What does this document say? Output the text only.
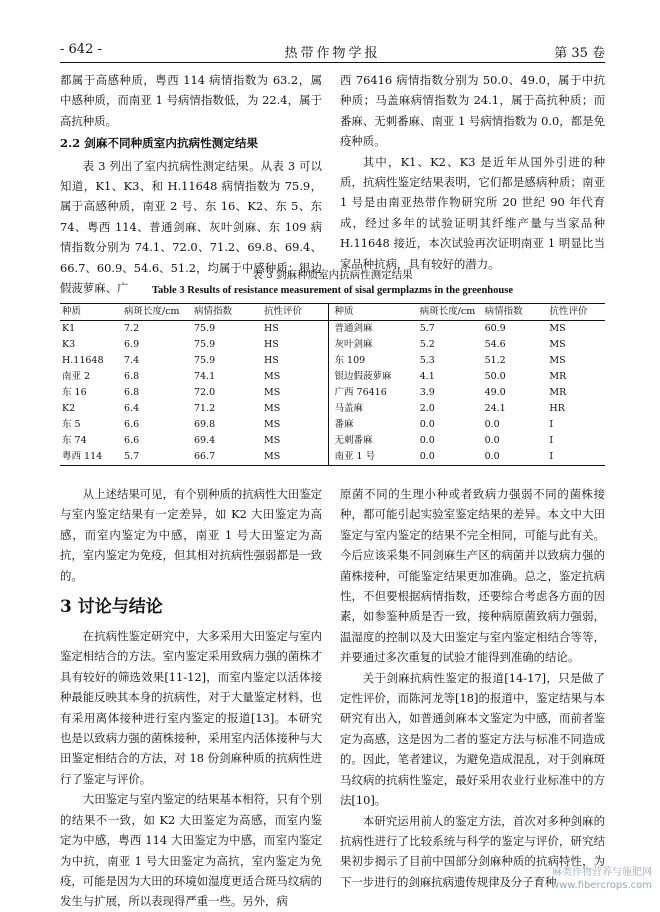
- 642 -	热带作物学报	第 35 卷

都属于高感种质，粤西 114 病情指数为 63.2，属中感种质，而南亚 1 号病情指数低，为 22.4，属于高抗种质。

2.2 剑麻不同种质室内抗病性测定结果

表 3 列出了室内抗病性测定结果。从表 3 可以知道，K1、K3、和 H.11648 病情指数为 75.9，属于高感种质，南亚 2 号、东 16、K2、东 5、东 74、粤西 114、普通剑麻、灰叶剑麻、东 109 病情指数分别为 74.1、72.0、71.2、69.8、69.4、66.7、60.9、54.6、51.2，均属于中感种质；银边假菠萝麻、广

西 76416 病情指数分别为 50.0、49.0，属于中抗种质；马盖麻病情指数为 24.1，属于高抗种质；而番麻、无刺番麻、南亚 1 号病情指数为 0.0，都是免疫种质。

其中，K1、K2、K3 是近年从国外引进的种质，抗病性鉴定结果表明，它们都是感病种质；南亚 1 号是由南亚热带作物研究所 20 世纪 90 年代育成，经过多年的试验证明其纤维产量与当家品种 H.11648 接近，本次试验再次证明南亚 1 明显比当家品种抗病，具有较好的潜力。

表 3 剑麻种质室内抗病性测定结果
Table 3 Results of resistance measurement of sisal germplazms in the greenhouse
种质	病斑长度/cm	病情指数	抗性评价	种质	病斑长度/cm 病情指数	抗性评价
K1	7.2	75.9	HS
K3	6.9	75.9	HS
H.11648	7.4	75.9	HS
南亚 2	6.8	74.1	MS
东 16	6.8	72.0	MS
K2	6.4	71.2	MS
东 5	6.6	69.8	MS
东 74	6.6	69.4	MS
粤西 114	5.7	66.7	MS
普通剑麻	5.7	60.9	MS
灰叶剑麻	5.2	54.6	MS
东 109	5.3	51.2	MS
银边假菠萝麻	4.1	50.0	MR
广西 76416	3.9	49.0	MR
马盖麻	2.0	24.1	HR
番麻	0.0	0.0	I
无刺番麻	0.0	0.0	I
南亚 1 号	0.0	0.0	I

从上述结果可见，有个别种质的抗病性大田鉴定与室内鉴定结果有一定差异，如 K2 大田鉴定为高感，而室内鉴定为中感，南亚 1 号大田鉴定为高抗，室内鉴定为免疫，但其相对抗病性强弱都是一致的。

3 讨论与结论

在抗病性鉴定研究中，大多采用大田鉴定与室内鉴定相结合的方法。室内鉴定采用致病力强的菌株才具有较好的筛选效果[11-12]，而室内鉴定以活体接种最能反映其本身的抗病性，对于大量鉴定材料，也有采用离体接种进行室内鉴定的报道[13]。本研究也是以致病力强的菌株接种，采用室内活体接种与大田鉴定相结合的方法，对 18 份剑麻种质的抗病性进行了鉴定与评价。

大田鉴定与室内鉴定的结果基本相符，只有个别的结果不一致，如 K2 大田鉴定为高感，而室内鉴定为中感，粤西 114 大田鉴定为中感，而室内鉴定为中抗，南亚 1 号大田鉴定为高抗，室内鉴定为免疫，可能是因为大田的环境如湿度更适合斑马纹病的发生与扩展，所以表现得严重一些。另外，病

原菌不同的生理小种或者致病力强弱不同的菌株接种，都可能引起实验室鉴定结果的差异。本文中大田鉴定与室内鉴定的结果不完全相同，可能与此有关。今后应该采集不同剑麻生产区的病菌并以致病力强的菌株接种，可能鉴定结果更加准确。总之，鉴定抗病性，不但要根据病情指数，还要综合考虑各方面的因素，如参鉴种质是否一致，接种病原菌致病力强弱，温湿度的控制以及大田鉴定与室内鉴定相结合等等，并要通过多次重复的试验才能得到准确的结论。

关于剑麻抗病性鉴定的报道[14-17]，只是做了定性评价，而陈河龙等[18]的报道中，鉴定结果与本研究有出入，如普通剑麻本文鉴定为中感，而前者鉴定为高感，这是因为二者的鉴定方法与标准不同造成的。因此，笔者建议，为避免造成混乱，对于剑麻斑马纹病的抗病性鉴定，最好采用农业行业标准中的方法[10]。

本研究运用前人的鉴定方法，首次对多种剑麻的抗病性进行了比较系统与科学的鉴定与评价，研究结果初步揭示了目前中国部分剑麻种质的抗病特性，为下一步进行的剑麻抗病遗传规律及分子育种

麻类作物营养与施肥网
www.fibercrops.com
